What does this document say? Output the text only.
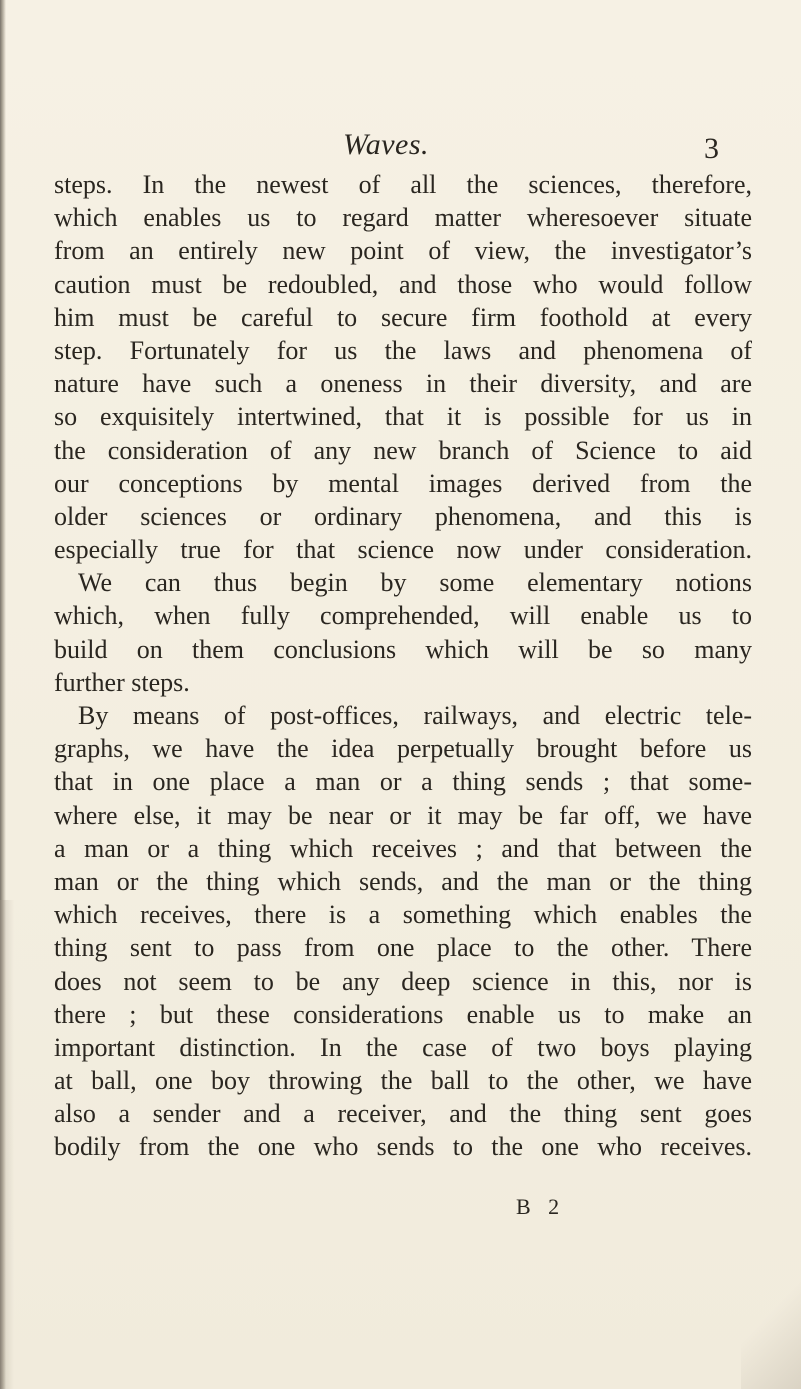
Waves.	3
steps. In the newest of all the sciences, therefore,
which enables us to regard matter wheresoever situate
from an entirely new point of view, the investigator’s
caution must be redoubled, and those who would follow
him must be careful to secure firm foothold at every
step. Fortunately for us the laws and phenomena of
nature have such a oneness in their diversity, and are
so exquisitely intertwined, that it is possible for us in
the consideration of any new branch of Science to aid
our conceptions by mental images derived from the
older sciences or ordinary phenomena, and this is
especially true for that science now under consideration.
We can thus begin by some elementary notions
which, when fully comprehended, will enable us to
build on them conclusions which will be so many
further steps.
By means of post-offices, railways, and electric tele-
graphs, we have the idea perpetually brought before us
that in one place a man or a thing sends ; that some-
where else, it may be near or it may be far off, we have
a man or a thing which receives ; and that between the
man or the thing which sends, and the man or the thing
which receives, there is a something which enables the
thing sent to pass from one place to the other. There
does not seem to be any deep science in this, nor is
there ; but these considerations enable us to make an
important distinction. In the case of two boys playing
at ball, one boy throwing the ball to the other, we have
also a sender and a receiver, and the thing sent goes
bodily from the one who sends to the one who receives.
B 2
